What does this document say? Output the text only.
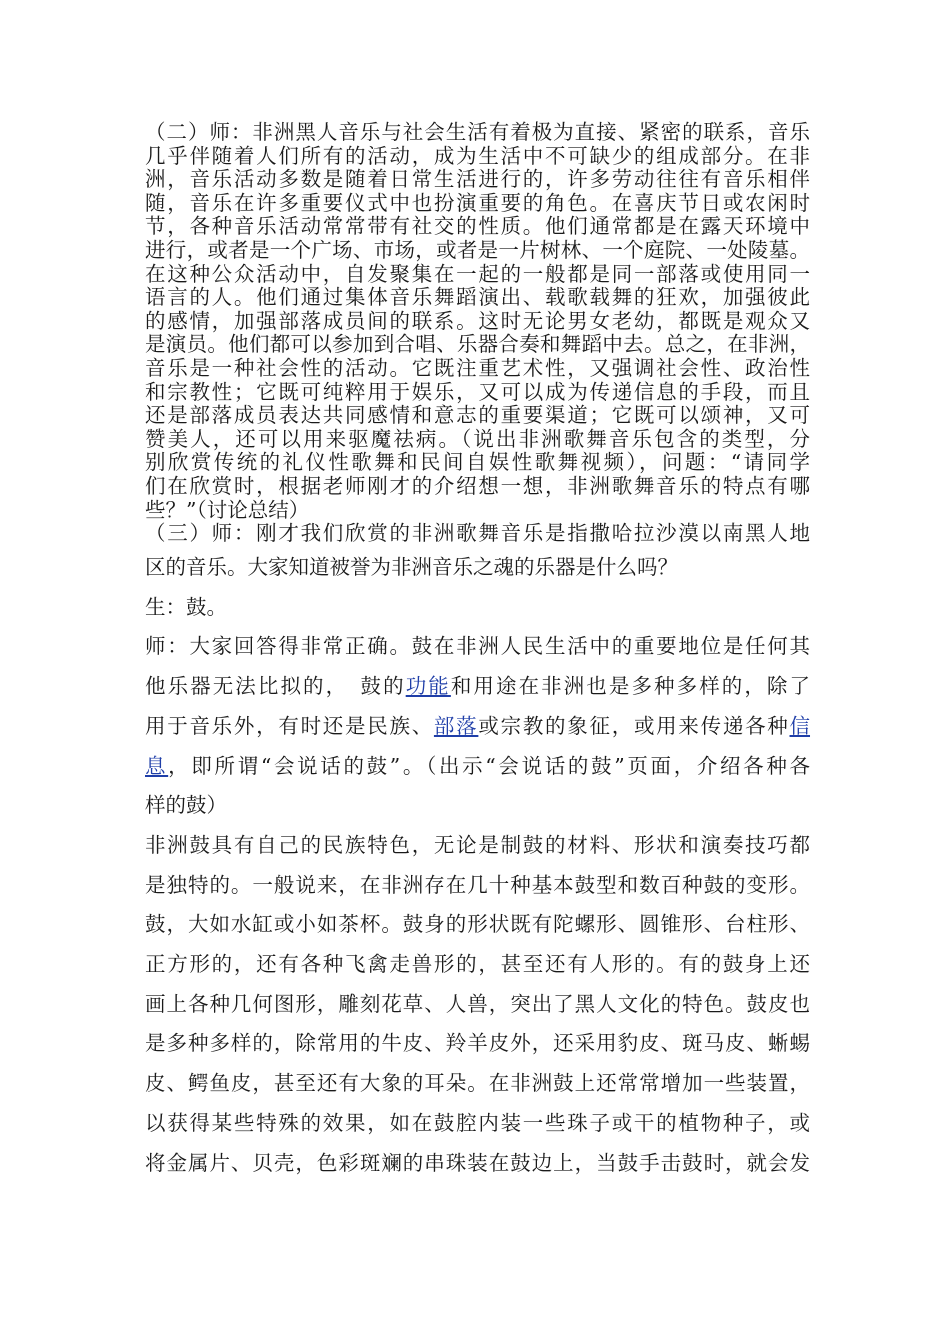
（二）师：非洲黑人音乐与社会生活有着极为直接、紧密的联系，音乐
几乎伴随着人们所有的活动，成为生活中不可缺少的组成部分。在非
洲，音乐活动多数是随着日常生活进行的，许多劳动往往有音乐相伴
随，音乐在许多重要仪式中也扮演重要的角色。在喜庆节日或农闲时
节，各种音乐活动常常带有社交的性质。他们通常都是在露天环境中
进行，或者是一个广场、市场，或者是一片树林、一个庭院、一处陵墓。
在这种公众活动中，自发聚集在一起的一般都是同一部落或使用同一
语言的人。他们通过集体音乐舞蹈演出、载歌载舞的狂欢，加强彼此
的感情，加强部落成员间的联系。这时无论男女老幼，都既是观众又
是演员。他们都可以参加到合唱、乐器合奏和舞蹈中去。总之，在非洲，
音乐是一种社会性的活动。它既注重艺术性，又强调社会性、政治性
和宗教性；它既可纯粹用于娱乐，又可以成为传递信息的手段，而且
还是部落成员表达共同感情和意志的重要渠道；它既可以颂神，又可
赞美人，还可以用来驱魔祛病。（说出非洲歌舞音乐包含的类型，分
别欣赏传统的礼仪性歌舞和民间自娱性歌舞视频），问题：“请同学
们在欣赏时，根据老师刚才的介绍想一想，非洲歌舞音乐的特点有哪
些？”（讨论总结）
（三）师：刚才我们欣赏的非洲歌舞音乐是指撒哈拉沙漠以南黑人地
区的音乐。大家知道被誉为非洲音乐之魂的乐器是什么吗？
生：鼓。
师：大家回答得非常正确。鼓在非洲人民生活中的重要地位是任何其
他乐器无法比拟的，　鼓的功能和用途在非洲也是多种多样的，除了
用于音乐外，有时还是民族、部落或宗教的象征，或用来传递各种信
息，即所谓“会说话的鼓”。（出示“会说话的鼓”页面，介绍各种各
样的鼓）
非洲鼓具有自己的民族特色，无论是制鼓的材料、形状和演奏技巧都
是独特的。一般说来，在非洲存在几十种基本鼓型和数百种鼓的变形。
鼓，大如水缸或小如茶杯。鼓身的形状既有陀螺形、圆锥形、台柱形、
正方形的，还有各种飞禽走兽形的，甚至还有人形的。有的鼓身上还
画上各种几何图形，雕刻花草、人兽，突出了黑人文化的特色。鼓皮也
是多种多样的，除常用的牛皮、羚羊皮外，还采用豹皮、斑马皮、蜥蜴
皮、鳄鱼皮，甚至还有大象的耳朵。在非洲鼓上还常常增加一些装置，
以获得某些特殊的效果，如在鼓腔内装一些珠子或干的植物种子，或
将金属片、贝壳，色彩斑斓的串珠装在鼓边上，当鼓手击鼓时，就会发
